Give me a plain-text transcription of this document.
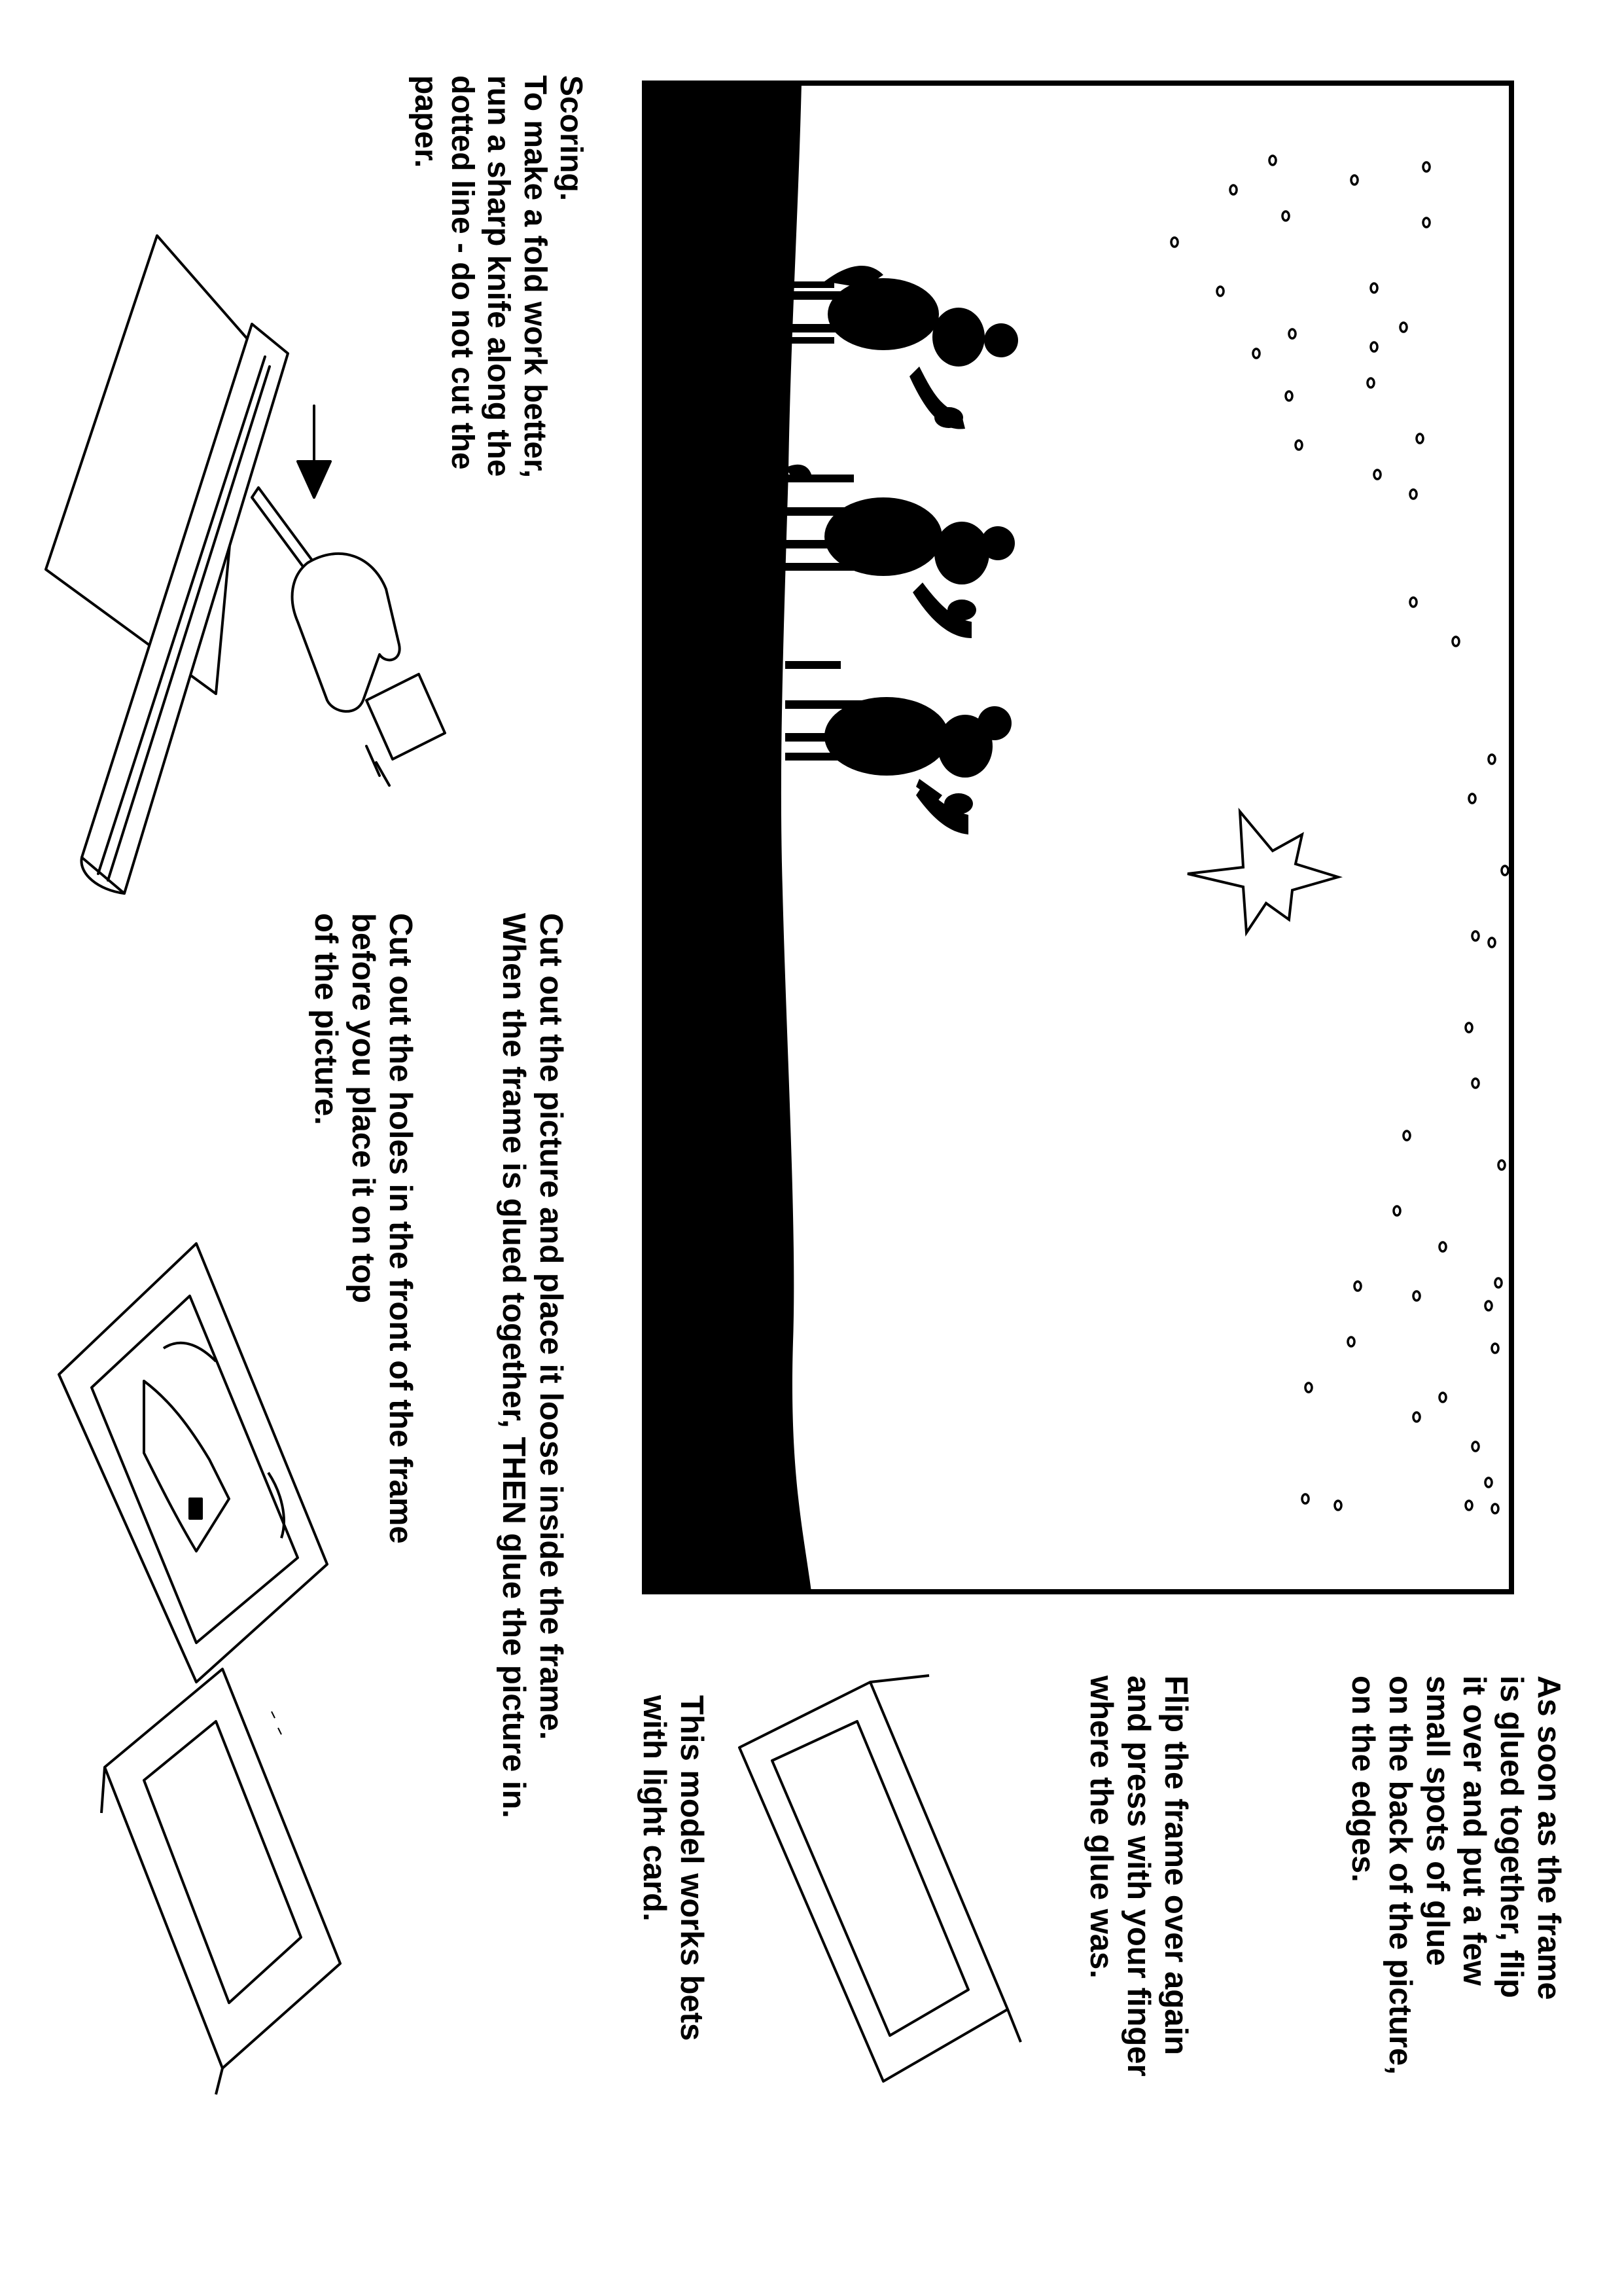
Scoring.
To make a fold work better,
run a sharp knife along the
dotted line - do not cut the
paper.
Cut out the picture and place it loose inside the frame.
When the frame is glued together, THEN glue the picture in.
Cut out the holes in the front of the frame
before you place it on top
of the picture.
As soon as the frame
is glued together, flip
it over and put a few
small spots of glue
on the back of the picture,
on the edges.
Flip the frame over again
and press with your finger
where the glue was.
This model works bets
with light card.
